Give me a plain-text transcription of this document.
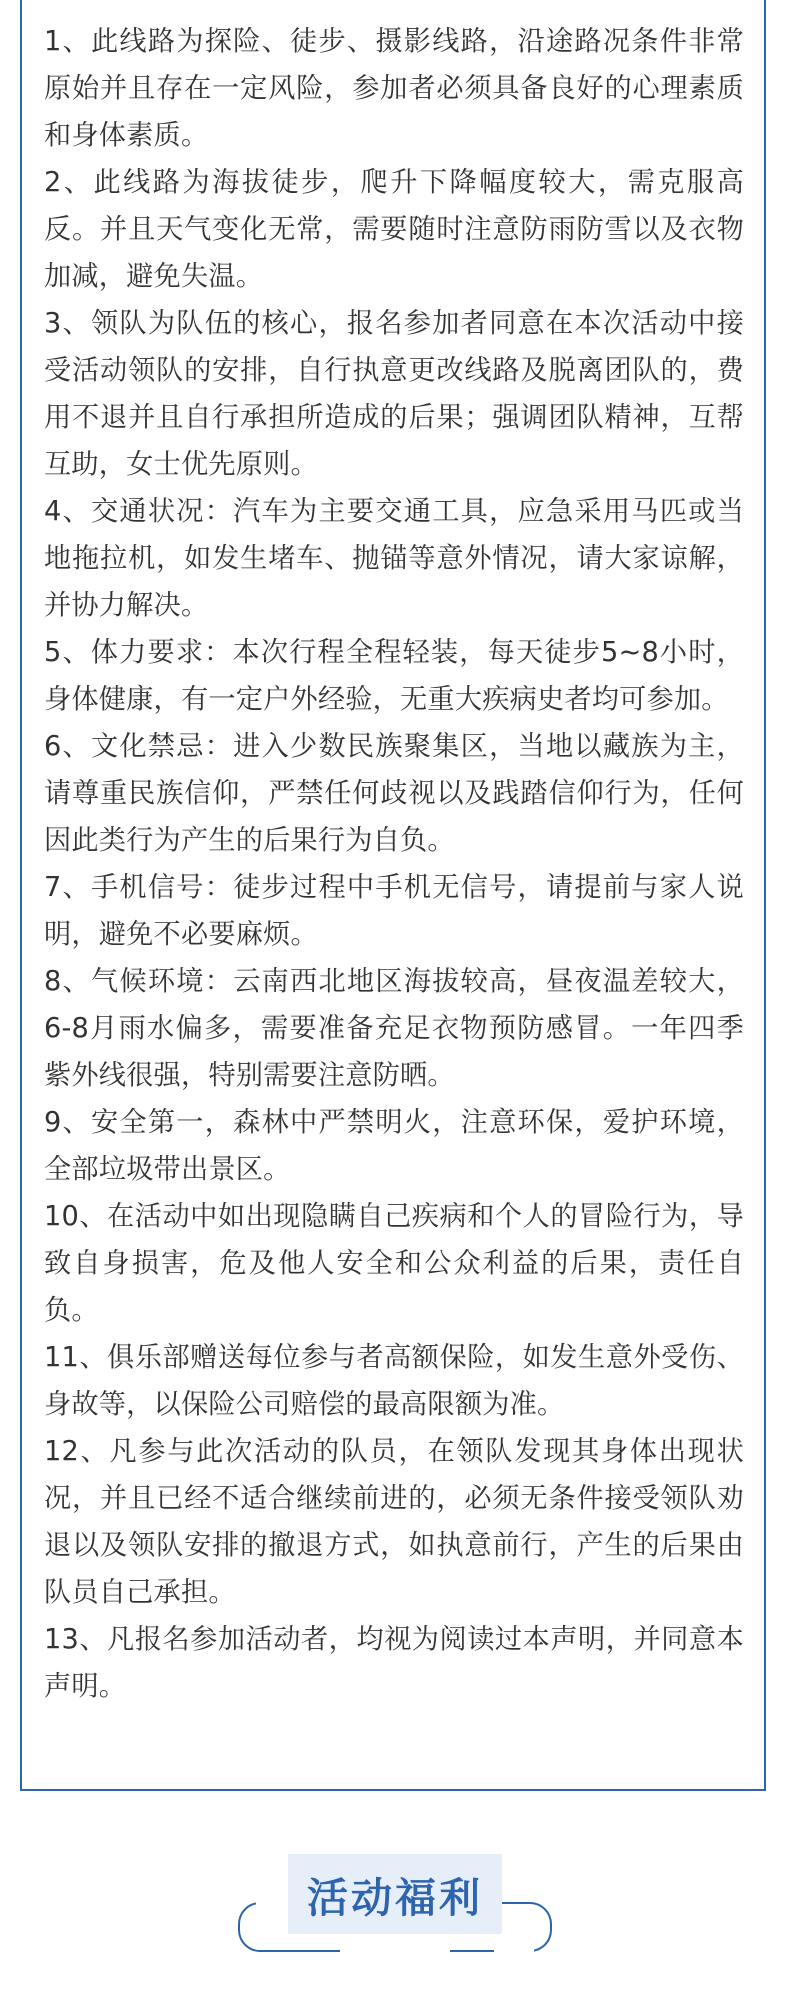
1、此线路为探险、徒步、摄影线路，沿途路况条件非常原始并且存在一定风险，参加者必须具备良好的心理素质和身体素质。
2、此线路为海拔徒步，爬升下降幅度较大，需克服高反。并且天气变化无常，需要随时注意防雨防雪以及衣物加减，避免失温。
3、领队为队伍的核心，报名参加者同意在本次活动中接受活动领队的安排，自行执意更改线路及脱离团队的，费用不退并且自行承担所造成的后果；强调团队精神，互帮互助，女士优先原则。
4、交通状况：汽车为主要交通工具，应急采用马匹或当地拖拉机，如发生堵车、抛锚等意外情况，请大家谅解，并协力解决。
5、体力要求：本次行程全程轻装，每天徒步5~8小时，身体健康，有一定户外经验，无重大疾病史者均可参加。
6、文化禁忌：进入少数民族聚集区，当地以藏族为主，请尊重民族信仰，严禁任何歧视以及践踏信仰行为，任何因此类行为产生的后果行为自负。
7、手机信号：徒步过程中手机无信号，请提前与家人说明，避免不必要麻烦。
8、气候环境：云南西北地区海拔较高，昼夜温差较大，6-8月雨水偏多，需要准备充足衣物预防感冒。一年四季紫外线很强，特别需要注意防晒。
9、安全第一，森林中严禁明火，注意环保，爱护环境，全部垃圾带出景区。
10、在活动中如出现隐瞒自己疾病和个人的冒险行为，导致自身损害，危及他人安全和公众利益的后果，责任自负。
11、俱乐部赠送每位参与者高额保险，如发生意外受伤、身故等，以保险公司赔偿的最高限额为准。
12、凡参与此次活动的队员，在领队发现其身体出现状况，并且已经不适合继续前进的，必须无条件接受领队劝退以及领队安排的撤退方式，如执意前行，产生的后果由队员自己承担。
13、凡报名参加活动者，均视为阅读过本声明，并同意本声明。
活动福利
